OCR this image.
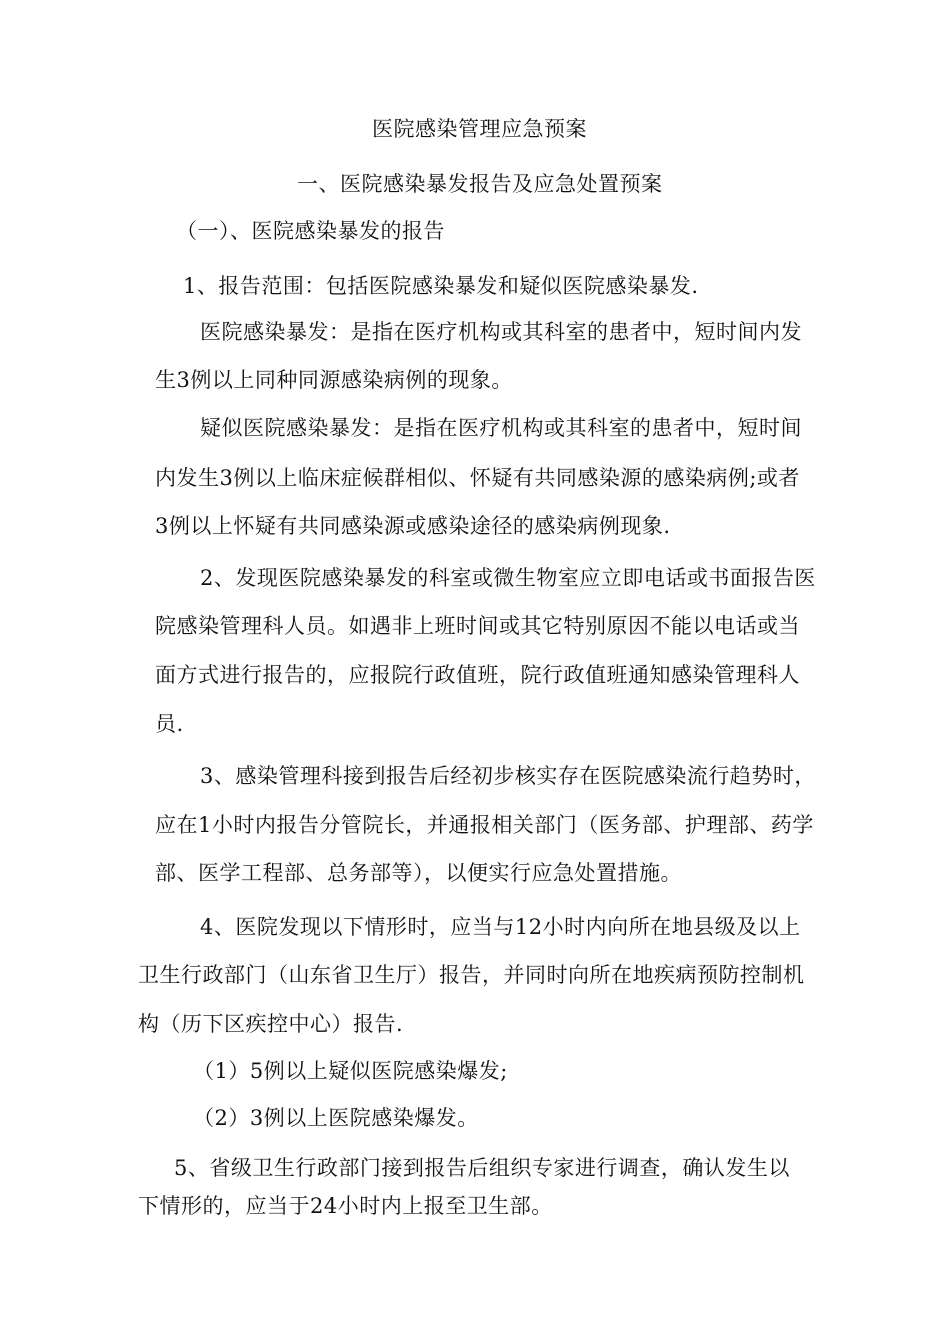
医院感染管理应急预案
一、医院感染暴发报告及应急处置预案
（一）、医院感染暴发的报告
1、报告范围：包括医院感染暴发和疑似医院感染暴发.
医院感染暴发：是指在医疗机构或其科室的患者中，短时间内发
生3例以上同种同源感染病例的现象。
疑似医院感染暴发：是指在医疗机构或其科室的患者中，短时间
内发生3例以上临床症候群相似、怀疑有共同感染源的感染病例;或者
3例以上怀疑有共同感染源或感染途径的感染病例现象.
2、发现医院感染暴发的科室或微生物室应立即电话或书面报告医
院感染管理科人员。如遇非上班时间或其它特别原因不能以电话或当
面方式进行报告的，应报院行政值班，院行政值班通知感染管理科人
员.
3、感染管理科接到报告后经初步核实存在医院感染流行趋势时，
应在1小时内报告分管院长，并通报相关部门（医务部、护理部、药学
部、医学工程部、总务部等），以便实行应急处置措施。
4、医院发现以下情形时，应当与12小时内向所在地县级及以上
卫生行政部门（山东省卫生厅）报告，并同时向所在地疾病预防控制机
构（历下区疾控中心）报告.
（1）5例以上疑似医院感染爆发;
（2）3例以上医院感染爆发。
5、省级卫生行政部门接到报告后组织专家进行调查，确认发生以
下情形的，应当于24小时内上报至卫生部。
